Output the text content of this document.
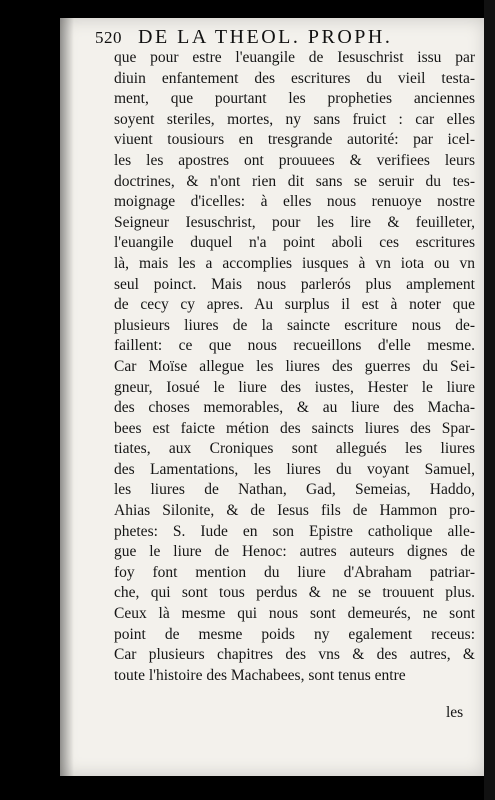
520 DE LA THEOL. PROPH.
que pour estre l'euangile de Iesuschrist issu par
diuin enfantement des escritures du vieil testa-
ment, que pourtant les propheties anciennes
soyent steriles, mortes, ny sans fruict : car elles
viuent tousiours en tresgrande autorité: par icel-
les les apostres ont prouuees & verifiees leurs
doctrines, & n'ont rien dit sans se seruir du tes-
moignage d'icelles: à elles nous renuoye nostre
Seigneur Iesuschrist, pour les lire & feuilleter,
l'euangile duquel n'a point aboli ces escritures
là, mais les a accomplies iusques à vn iota ou vn
seul poinct. Mais nous parlerós plus amplement
de cecy cy apres. Au surplus il est à noter que
plusieurs liures de la saincte escriture nous de-
faillent: ce que nous recueillons d'elle mesme.
Car Moïse allegue les liures des guerres du Sei-
gneur, Iosué le liure des iustes, Hester le liure
des choses memorables, & au liure des Macha-
bees est faicte métion des saincts liures des Spar-
tiates, aux Croniques sont allegués les liures
des Lamentations, les liures du voyant Samuel,
les liures de Nathan, Gad, Semeias, Haddo,
Ahias Silonite, & de Iesus fils de Hammon pro-
phetes: S. Iude en son Epistre catholique alle-
gue le liure de Henoc: autres auteurs dignes de
foy font mention du liure d'Abraham patriar-
che, qui sont tous perdus & ne se trouuent plus.
Ceux là mesme qui nous sont demeurés, ne sont
point de mesme poids ny egalement receus:
Car plusieurs chapitres des vns & des autres, &
toute l'histoire des Machabees, sont tenus entre
les
